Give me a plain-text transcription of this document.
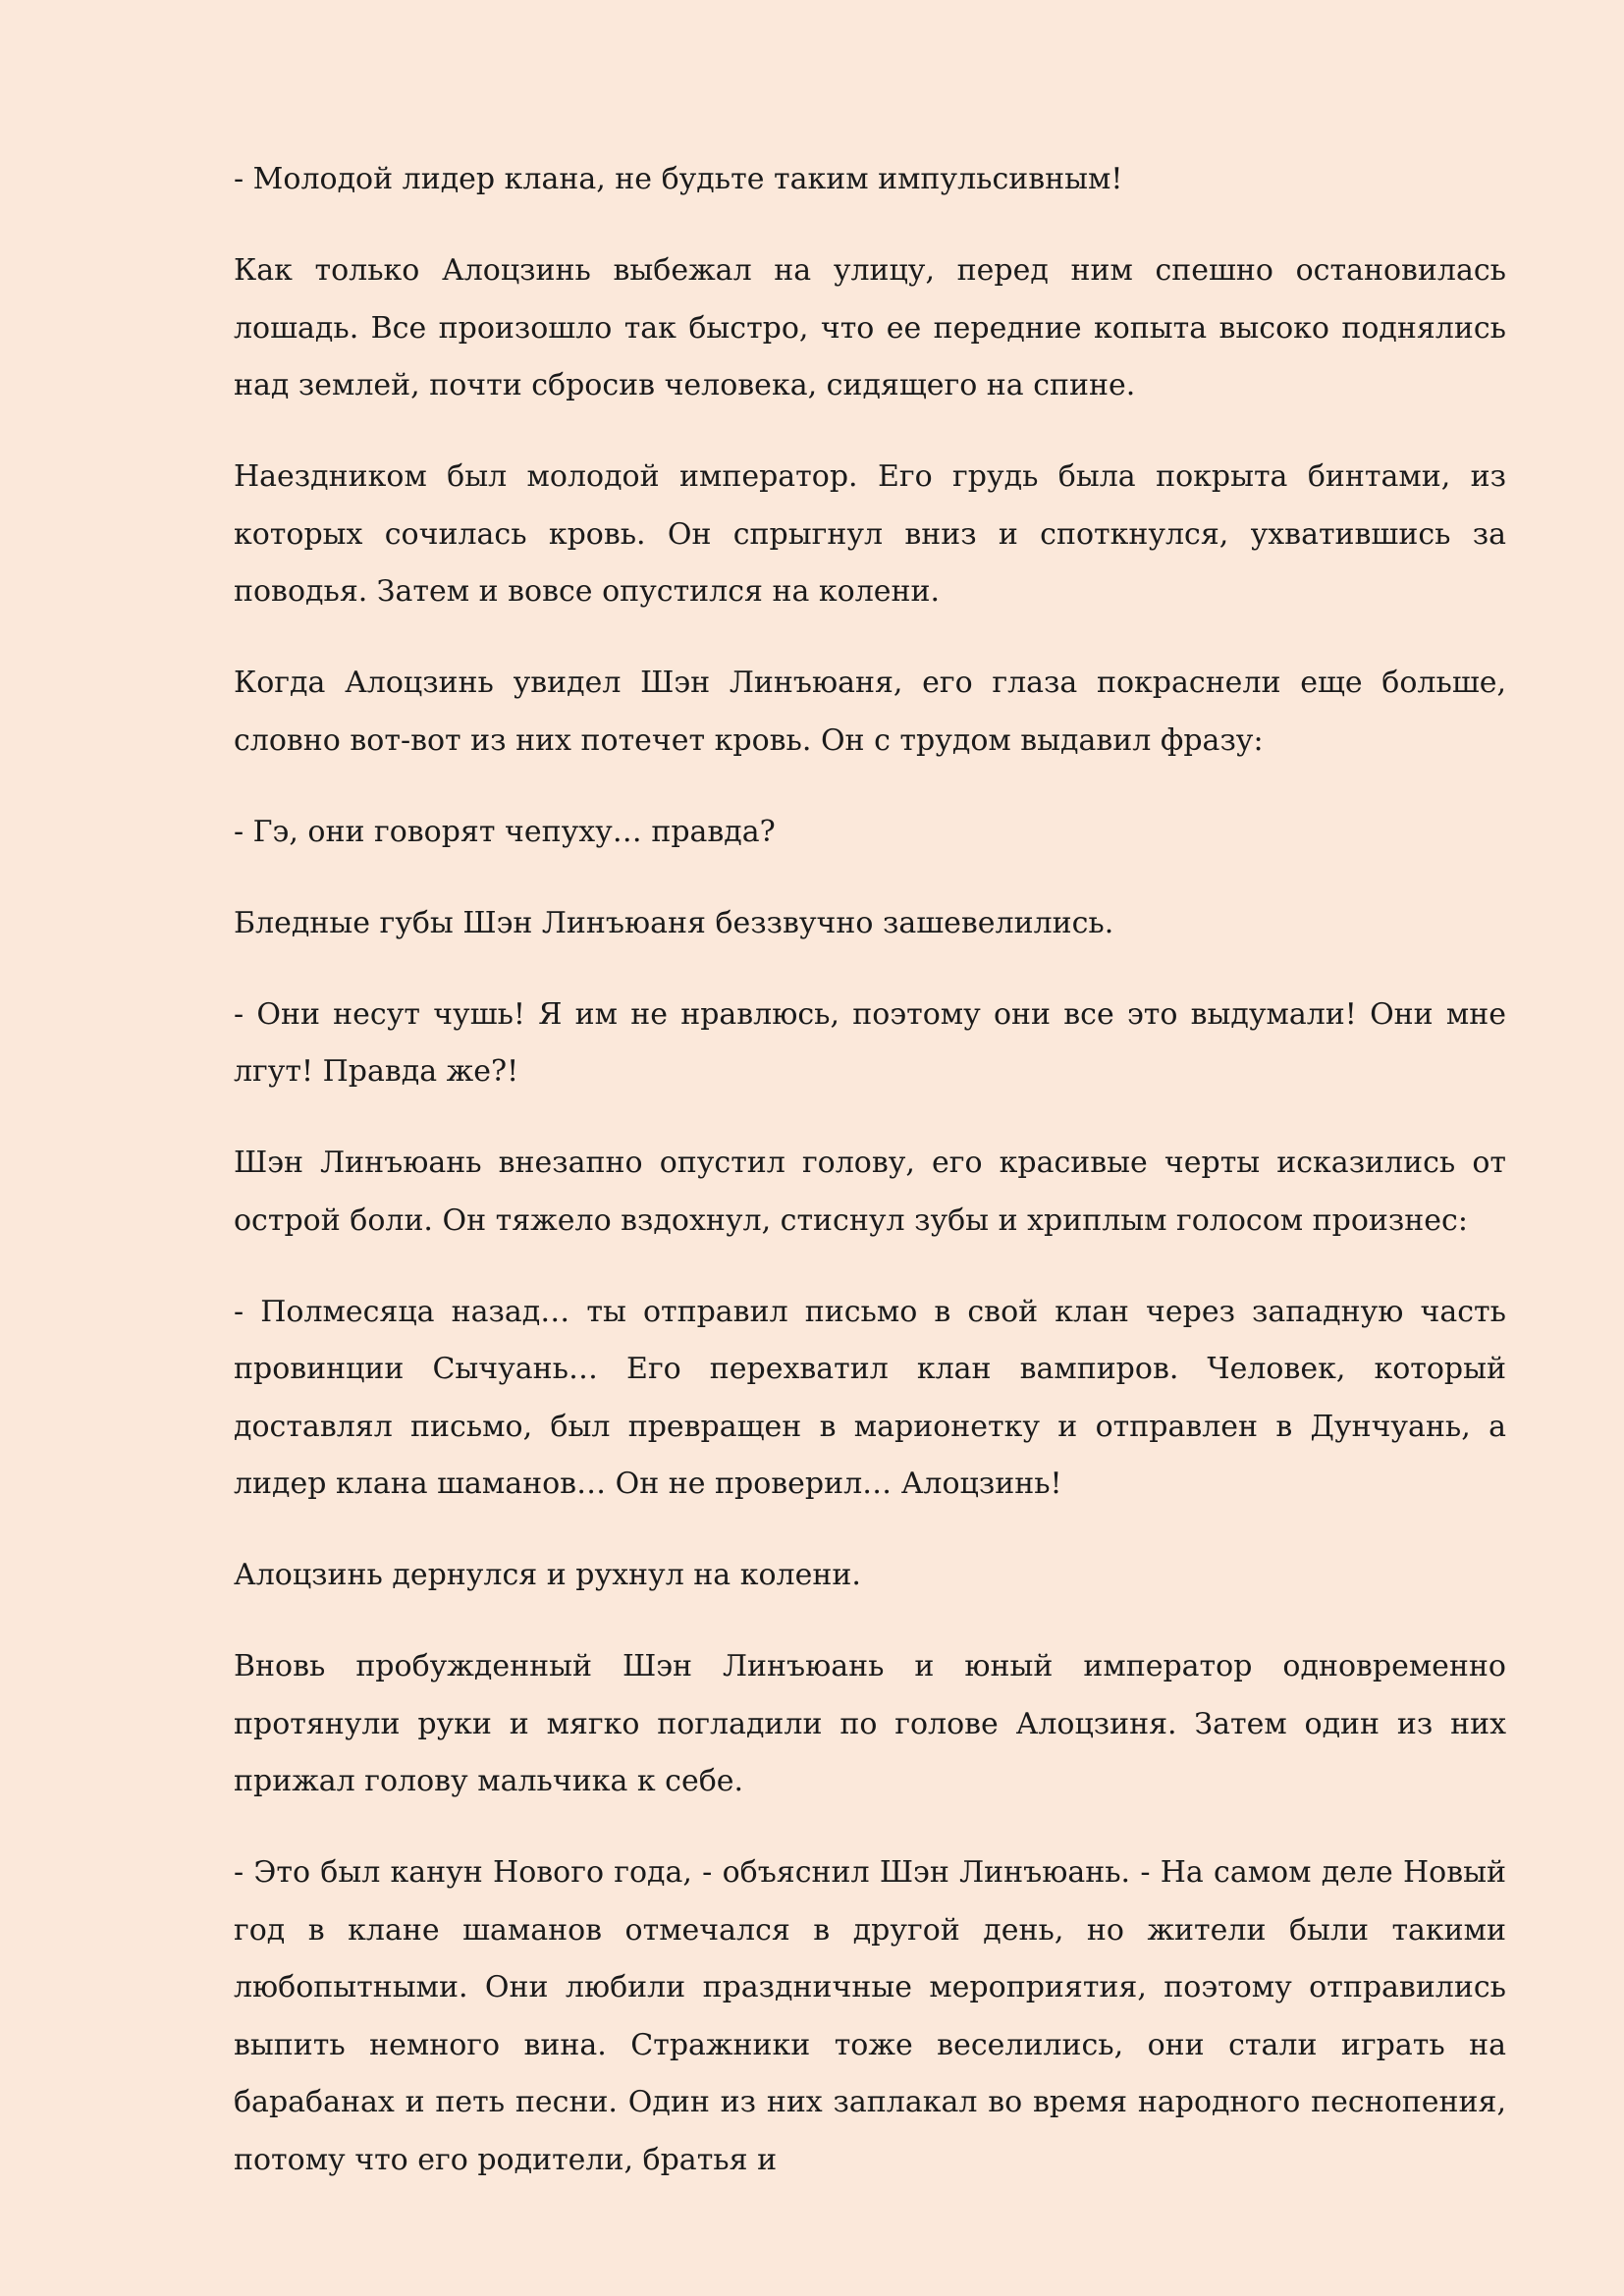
- Молодой лидер клана, не будьте таким импульсивным!

Как только Алоцзинь выбежал на улицу, перед ним спешно остановилась лошадь. Все произошло так быстро, что ее передние копыта высоко поднялись над землей, почти сбросив человека, сидящего на спине.

Наездником был молодой император. Его грудь была покрыта бинтами, из которых сочилась кровь. Он спрыгнул вниз и споткнулся, ухватившись за поводья. Затем и вовсе опустился на колени.

Когда Алоцзинь увидел Шэн Линъюаня, его глаза покраснели еще больше, словно вот-вот из них потечет кровь. Он с трудом выдавил фразу:

- Гэ, они говорят чепуху… правда?

Бледные губы Шэн Линъюаня беззвучно зашевелились.

- Они несут чушь! Я им не нравлюсь, поэтому они все это выдумали! Они мне лгут! Правда же?!

Шэн Линъюань внезапно опустил голову, его красивые черты исказились от острой боли. Он тяжело вздохнул, стиснул зубы и хриплым голосом произнес:

- Полмесяца назад… ты отправил письмо в свой клан через западную часть провинции Сычуань… Его перехватил клан вампиров. Человек, который доставлял письмо, был превращен в марионетку и отправлен в Дунчуань, а лидер клана шаманов… Он не проверил… Алоцзинь!

Алоцзинь дернулся и рухнул на колени.

Вновь пробужденный Шэн Линъюань и юный император одновременно протянули руки и мягко погладили по голове Алоцзиня. Затем один из них прижал голову мальчика к себе.

- Это был канун Нового года, - объяснил Шэн Линъюань. - На самом деле Новый год в клане шаманов отмечался в другой день, но жители были такими любопытными. Они любили праздничные мероприятия, поэтому отправились выпить немного вина. Стражники тоже веселились, они стали играть на барабанах и петь песни. Один из них заплакал во время народного песнопения, потому что его родители, братья и
